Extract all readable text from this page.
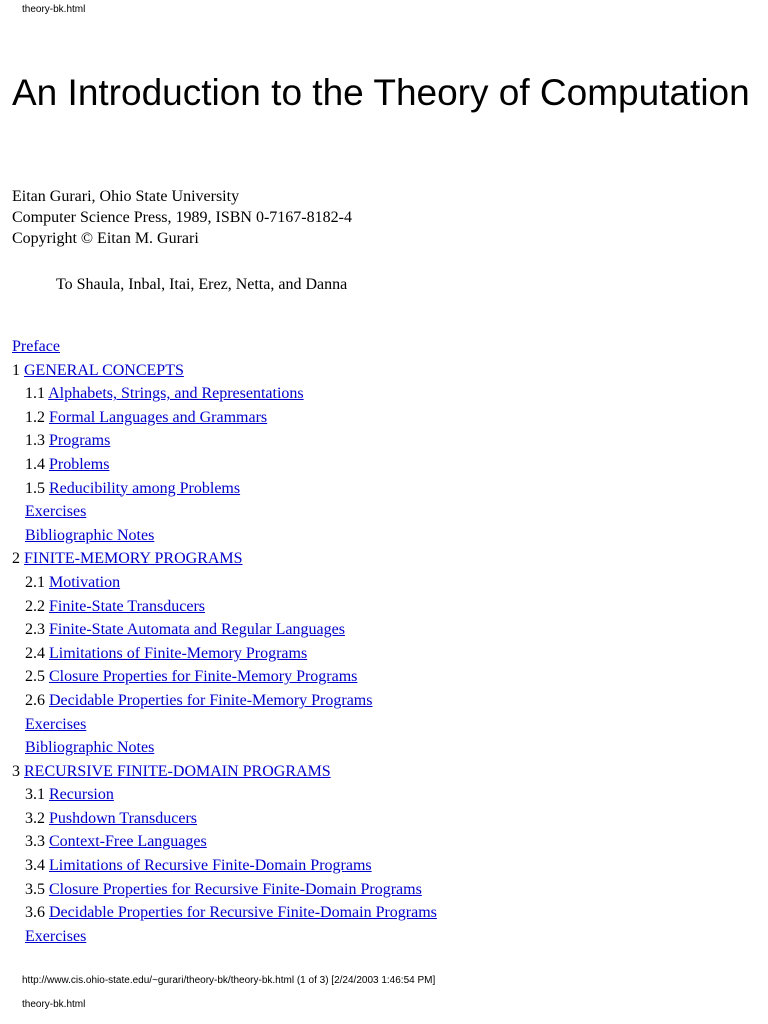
theory-bk.html
An Introduction to the Theory of Computation
Eitan Gurari, Ohio State University
Computer Science Press, 1989, ISBN 0-7167-8182-4
Copyright © Eitan M. Gurari
To Shaula, Inbal, Itai, Erez, Netta, and Danna
Preface
1 GENERAL CONCEPTS
1.1 Alphabets, Strings, and Representations
1.2 Formal Languages and Grammars
1.3 Programs
1.4 Problems
1.5 Reducibility among Problems
Exercises
Bibliographic Notes
2 FINITE-MEMORY PROGRAMS
2.1 Motivation
2.2 Finite-State Transducers
2.3 Finite-State Automata and Regular Languages
2.4 Limitations of Finite-Memory Programs
2.5 Closure Properties for Finite-Memory Programs
2.6 Decidable Properties for Finite-Memory Programs
Exercises
Bibliographic Notes
3 RECURSIVE FINITE-DOMAIN PROGRAMS
3.1 Recursion
3.2 Pushdown Transducers
3.3 Context-Free Languages
3.4 Limitations of Recursive Finite-Domain Programs
3.5 Closure Properties for Recursive Finite-Domain Programs
3.6 Decidable Properties for Recursive Finite-Domain Programs
Exercises
http://www.cis.ohio-state.edu/~gurari/theory-bk/theory-bk.html (1 of 3) [2/24/2003 1:46:54 PM]
theory-bk.html
